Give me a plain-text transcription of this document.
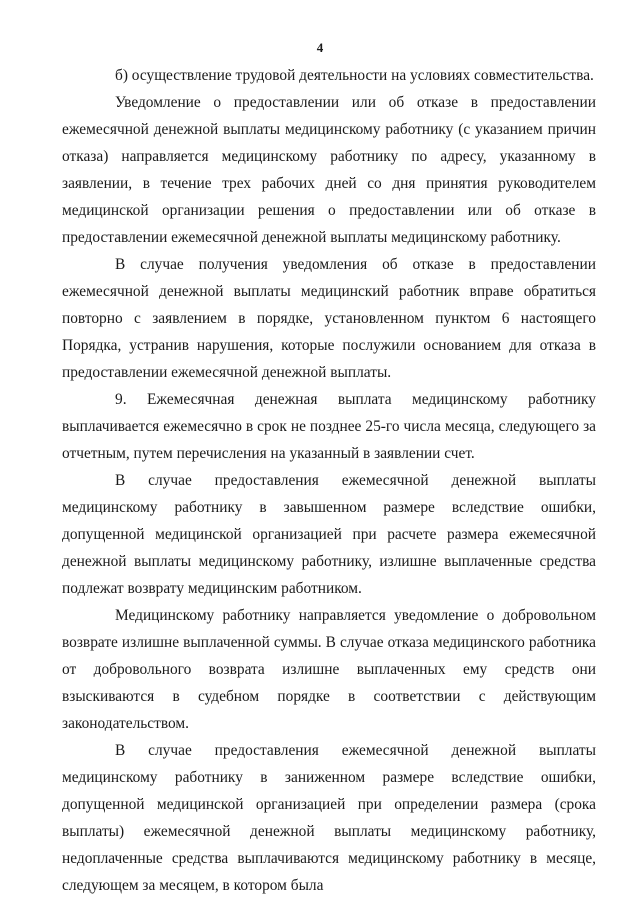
4

б) осуществление трудовой деятельности на условиях совместительства.

Уведомление о предоставлении или об отказе в предоставлении ежемесячной денежной выплаты медицинскому работнику (с указанием причин отказа) направляется медицинскому работнику по адресу, указанному в заявлении, в течение трех рабочих дней со дня принятия руководителем медицинской организации решения о предоставлении или об отказе в предоставлении ежемесячной денежной выплаты медицинскому работнику.

В случае получения уведомления об отказе в предоставлении ежемесячной денежной выплаты медицинский работник вправе обратиться повторно с заявлением в порядке, установленном пунктом 6 настоящего Порядка, устранив нарушения, которые послужили основанием для отказа в предоставлении ежемесячной денежной выплаты.

9. Ежемесячная денежная выплата медицинскому работнику выплачивается ежемесячно в срок не позднее 25-го числа месяца, следующего за отчетным, путем перечисления на указанный в заявлении счет.

В случае предоставления ежемесячной денежной выплаты медицинскому работнику в завышенном размере вследствие ошибки, допущенной медицинской организацией при расчете размера ежемесячной денежной выплаты медицинскому работнику, излишне выплаченные средства подлежат возврату медицинским работником.

Медицинскому работнику направляется уведомление о добровольном возврате излишне выплаченной суммы. В случае отказа медицинского работника от добровольного возврата излишне выплаченных ему средств они взыскиваются в судебном порядке в соответствии с действующим законодательством.

В случае предоставления ежемесячной денежной выплаты медицинскому работнику в заниженном размере вследствие ошибки, допущенной медицинской организацией при определении размера (срока выплаты) ежемесячной денежной выплаты медицинскому работнику, недоплаченные средства выплачиваются медицинскому работнику в месяце, следующем за месяцем, в котором была
